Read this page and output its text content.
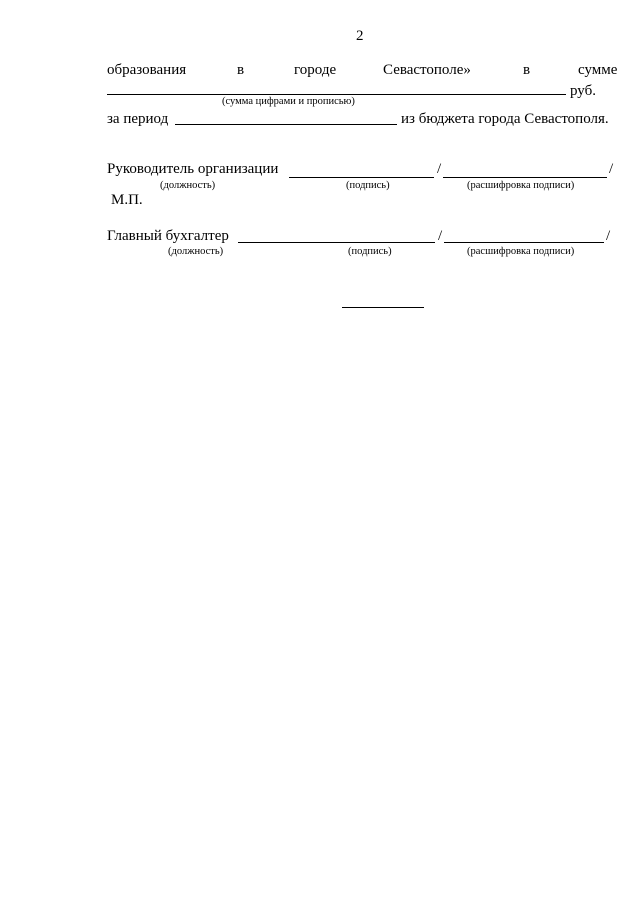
2
образования	в	городе	Севастополе»	в	сумме
руб.
(сумма цифрами и прописью)
за период	из бюджета города Севастополя.
Руководитель организации	/	/
(должность)	(подпись)	(расшифровка подписи)
М.П.
Главный бухгалтер	/	/
(должность)	(подпись)	(расшифровка подписи)
